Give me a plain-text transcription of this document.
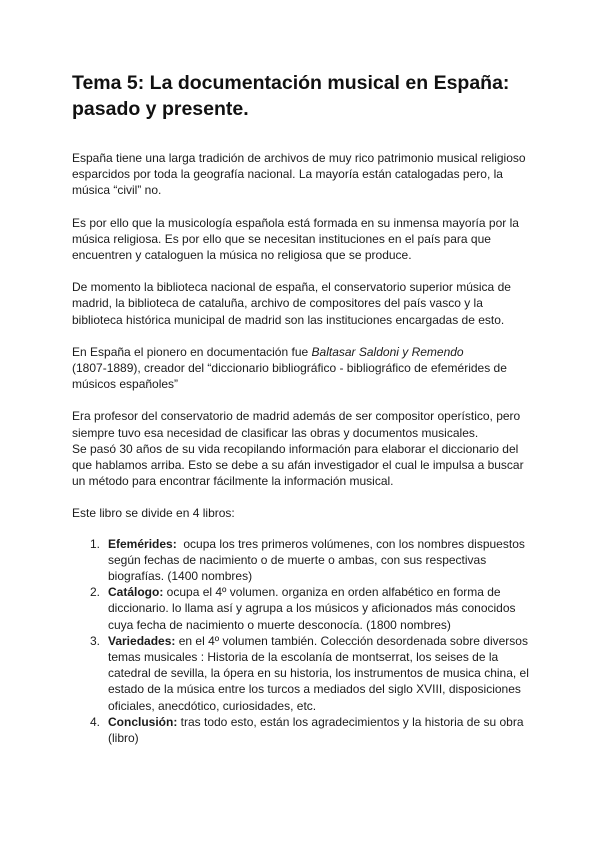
Tema 5: La documentación musical en España: pasado y presente.

España tiene una larga tradición de archivos de muy rico patrimonio musical religioso esparcidos por toda la geografía nacional. La mayoría están catalogadas pero, la música “civil” no.

Es por ello que la musicología española está formada en su inmensa mayoría por la música religiosa. Es por ello que se necesitan instituciones en el país para que encuentren y cataloguen la música no religiosa que se produce.

De momento la biblioteca nacional de españa, el conservatorio superior música de madrid, la biblioteca de cataluña, archivo de compositores del país vasco y la biblioteca histórica municipal de madrid son las instituciones encargadas de esto.

En España el pionero en documentación fue Baltasar Saldoni y Remendo
(1807-1889), creador del “diccionario bibliográfico - bibliográfico de efemérides de músicos españoles”

Era profesor del conservatorio de madrid además de ser compositor operístico, pero siempre tuvo esa necesidad de clasificar las obras y documentos musicales.

Se pasó 30 años de su vida recopilando información para elaborar el diccionario del que hablamos arriba. Esto se debe a su afán investigador el cual le impulsa a buscar un método para encontrar fácilmente la información musical.

Este libro se divide en 4 libros:

1. Efemérides:  ocupa los tres primeros volúmenes, con los nombres dispuestos según fechas de nacimiento o de muerte o ambas, con sus respectivas biografías. (1400 nombres)
2. Catálogo: ocupa el 4º volumen. organiza en orden alfabético en forma de diccionario. lo llama así y agrupa a los músicos y aficionados más conocidos cuya fecha de nacimiento o muerte desconocía. (1800 nombres)
3. Variedades: en el 4º volumen también. Colección desordenada sobre diversos temas musicales : Historia de la escolanía de montserrat, los seises de la catedral de sevilla, la ópera en su historia, los instrumentos de musica china, el estado de la música entre los turcos a mediados del siglo XVIII, disposiciones oficiales, anecdótico, curiosidades, etc.
4. Conclusión: tras todo esto, están los agradecimientos y la historia de su obra (libro)
